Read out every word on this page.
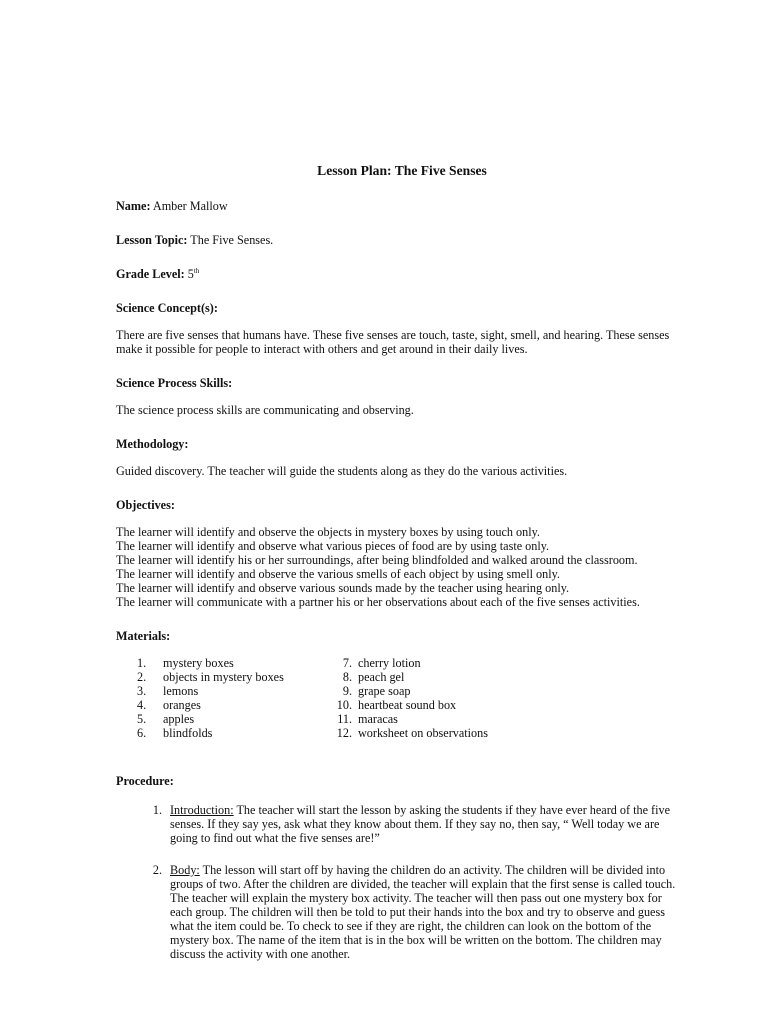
Lesson Plan: The Five Senses
Name: Amber Mallow
Lesson Topic: The Five Senses.
Grade Level: 5th
Science Concept(s):

There are five senses that humans have. These five senses are touch, taste, sight, smell, and hearing. These senses make it possible for people to interact with others and get around in their daily lives.

Science Process Skills:

The science process skills are communicating and observing.

Methodology:

Guided discovery. The teacher will guide the students along as they do the various activities.

Objectives:
The learner will identify and observe the objects in mystery boxes by using touch only.
The learner will identify and observe what various pieces of food are by using taste only.
The learner will identify his or her surroundings, after being blindfolded and walked around the classroom.
The learner will identify and observe the various smells of each object by using smell only.
The learner will identify and observe various sounds made by the teacher using hearing only.
The learner will communicate with a partner his or her observations about each of the five senses activities.
Materials:
1.	mystery boxes
2.	objects in mystery boxes
3.	lemons
4.	oranges
5.	apples
6.	blindfolds
7. cherry lotion
8. peach gel
9. grape soap
10. heartbeat sound box
11. maracas
12. worksheet on observations
Procedure:
1. Introduction: The teacher will start the lesson by asking the students if they have ever heard of the five senses. If they say yes, ask what they know about them. If they say no, then say, “ Well today we are going to find out what the five senses are!”
2. Body: The lesson will start off by having the children do an activity. The children will be divided into groups of two. After the children are divided, the teacher will explain that the first sense is called touch. The teacher will explain the mystery box activity. The teacher will then pass out one mystery box for each group. The children will then be told to put their hands into the box and try to observe and guess what the item could be. To check to see if they are right, the children can look on the bottom of the mystery box. The name of the item that is in the box will be written on the bottom. The children may discuss the activity with one another.
